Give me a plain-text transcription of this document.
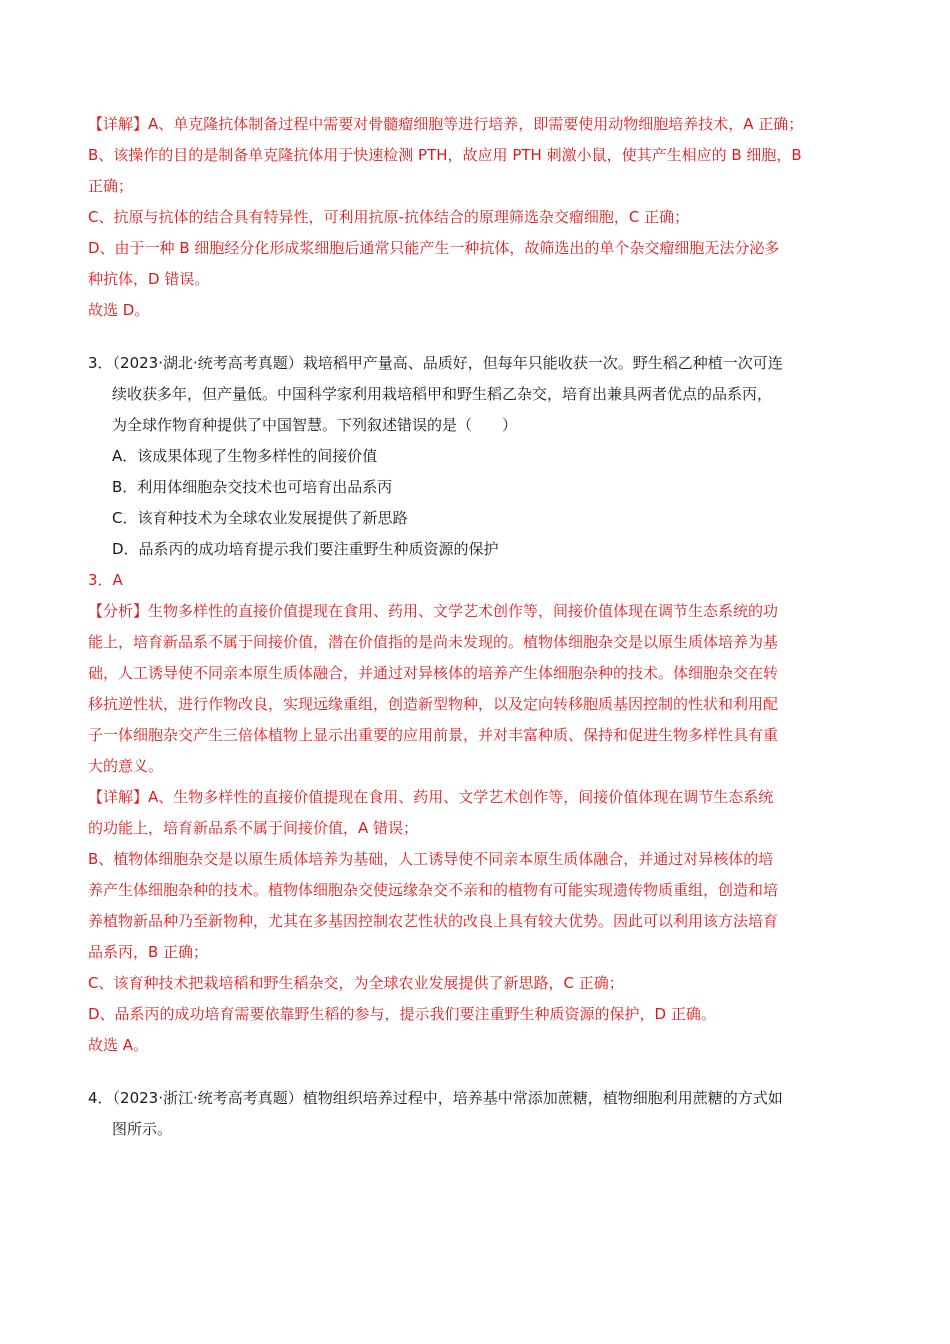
【详解】A、单克隆抗体制备过程中需要对骨髓瘤细胞等进行培养，即需要使用动物细胞培养技术，A 正确；
B、该操作的目的是制备单克隆抗体用于快速检测 PTH，故应用 PTH 刺激小鼠，使其产生相应的 B 细胞，B
正确；
C、抗原与抗体的结合具有特异性，可利用抗原-抗体结合的原理筛选杂交瘤细胞，C 正确；
D、由于一种 B 细胞经分化形成浆细胞后通常只能产生一种抗体，故筛选出的单个杂交瘤细胞无法分泌多
种抗体，D 错误。
故选 D。
3．（2023·湖北·统考高考真题）栽培稻甲产量高、品质好，但每年只能收获一次。野生稻乙种植一次可连
续收获多年，但产量低。中国科学家利用栽培稻甲和野生稻乙杂交，培育出兼具两者优点的品系丙，
为全球作物育种提供了中国智慧。下列叙述错误的是（　　）
A．该成果体现了生物多样性的间接价值
B．利用体细胞杂交技术也可培育出品系丙
C．该育种技术为全球农业发展提供了新思路
D．品系丙的成功培育提示我们要注重野生种质资源的保护
3．A
【分析】生物多样性的直接价值提现在食用、药用、文学艺术创作等，间接价值体现在调节生态系统的功
能上，培育新品系不属于间接价值，潜在价值指的是尚未发现的。植物体细胞杂交是以原生质体培养为基
础，人工诱导使不同亲本原生质体融合，并通过对异核体的培养产生体细胞杂种的技术。体细胞杂交在转
移抗逆性状，进行作物改良，实现远缘重组，创造新型物种，以及定向转移胞质基因控制的性状和利用配
子一体细胞杂交产生三倍体植物上显示出重要的应用前景，并对丰富种质、保持和促进生物多样性具有重
大的意义。
【详解】A、生物多样性的直接价值提现在食用、药用、文学艺术创作等，间接价值体现在调节生态系统
的功能上，培育新品系不属于间接价值，A 错误；
B、植物体细胞杂交是以原生质体培养为基础，人工诱导使不同亲本原生质体融合，并通过对异核体的培
养产生体细胞杂种的技术。植物体细胞杂交使远缘杂交不亲和的植物有可能实现遗传物质重组，创造和培
养植物新品种乃至新物种，尤其在多基因控制农艺性状的改良上具有较大优势。因此可以利用该方法培育
品系丙，B 正确；
C、该育种技术把栽培稻和野生稻杂交，为全球农业发展提供了新思路，C 正确；
D、品系丙的成功培育需要依靠野生稻的参与，提示我们要注重野生种质资源的保护，D 正确。
故选 A。
4．（2023·浙江·统考高考真题）植物组织培养过程中，培养基中常添加蔗糖，植物细胞利用蔗糖的方式如
图所示。
